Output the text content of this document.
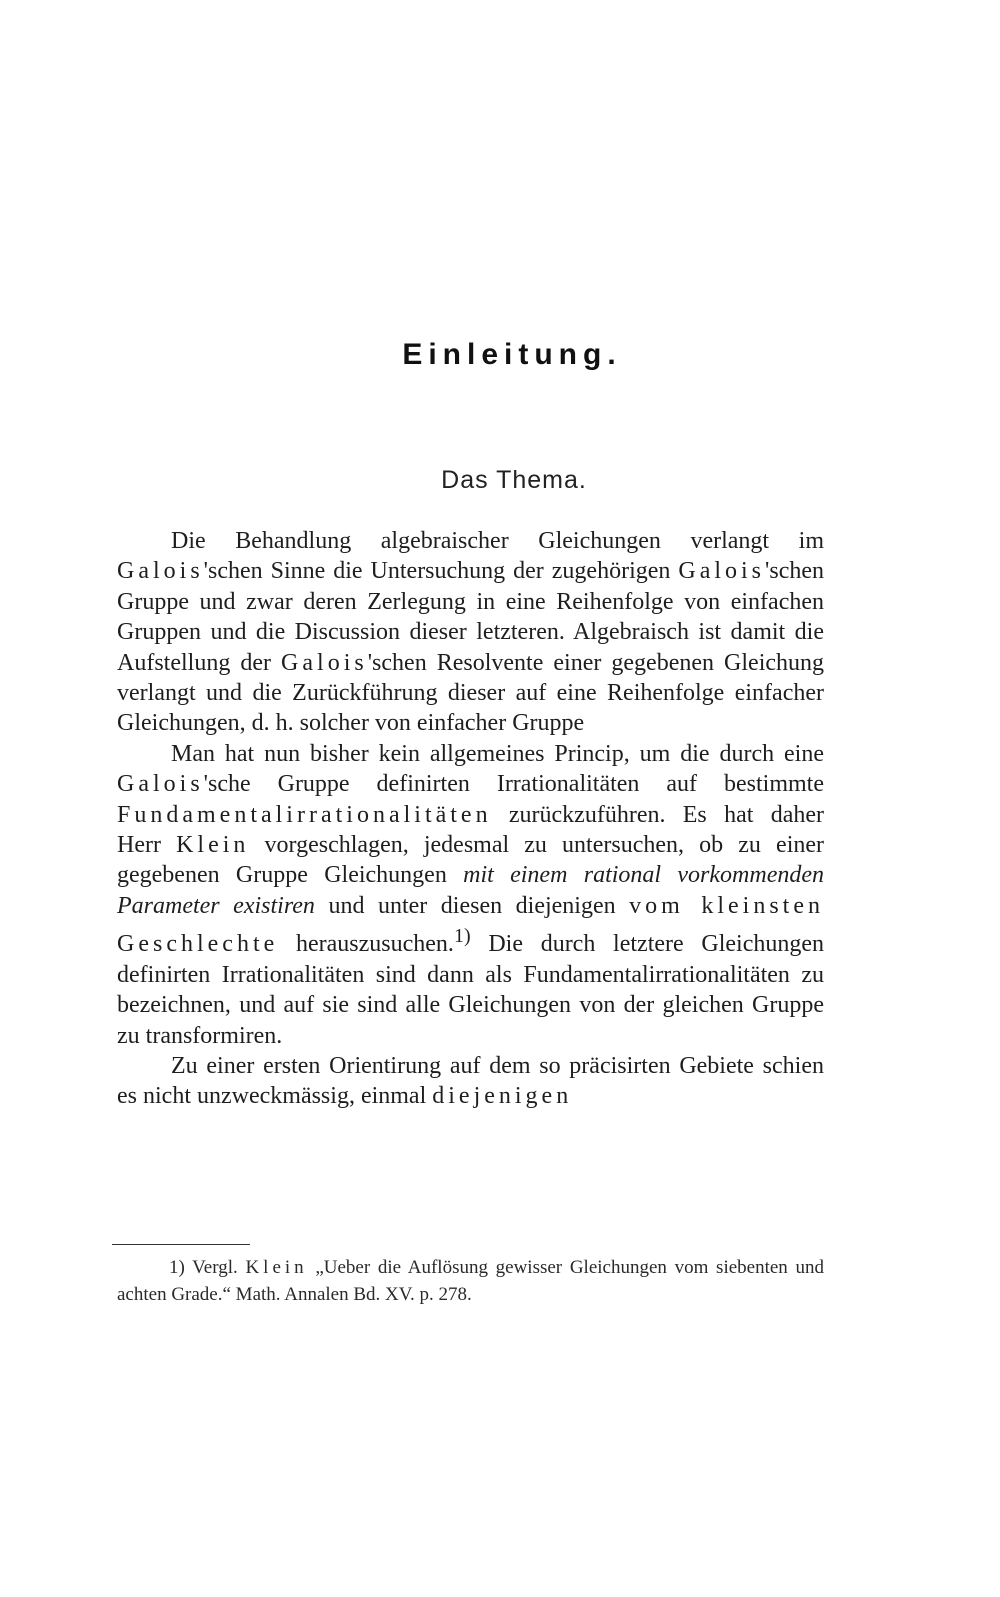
Einleitung.
Das Thema.

Die Behandlung algebraischer Gleichungen verlangt im Galois'schen Sinne die Untersuchung der zugehörigen Galois'schen Gruppe und zwar deren Zerlegung in eine Reihenfolge von einfachen Gruppen und die Discussion dieser letzteren. Algebraisch ist damit die Aufstellung der Galois'schen Resolvente einer gegebenen Gleichung verlangt und die Zurückführung dieser auf eine Reihenfolge einfacher Gleichungen, d. h. solcher von einfacher Gruppe

Man hat nun bisher kein allgemeines Princip, um die durch eine Galois'sche Gruppe definirten Irrationalitäten auf bestimmte Fundamentalirrationalitäten zurückzuführen. Es hat daher Herr Klein vorgeschlagen, jedesmal zu untersuchen, ob zu einer gegebenen Gruppe Gleichungen mit einem rational vorkommenden Parameter existiren und unter diesen diejenigen vom kleinsten Geschlechte herauszusuchen.$^{1)}$ Die durch letztere Gleichungen definirten Irrationalitäten sind dann als Fundamentalirrationalitäten zu bezeichnen, und auf sie sind alle Gleichungen von der gleichen Gruppe zu transformiren.

Zu einer ersten Orientirung auf dem so präcisirten Gebiete schien es nicht unzweckmässig, einmal diejenigen

1) Vergl. Klein „Ueber die Auflösung gewisser Gleichungen vom siebenten und achten Grade.“ Math. Annalen Bd. XV. p. 278.
